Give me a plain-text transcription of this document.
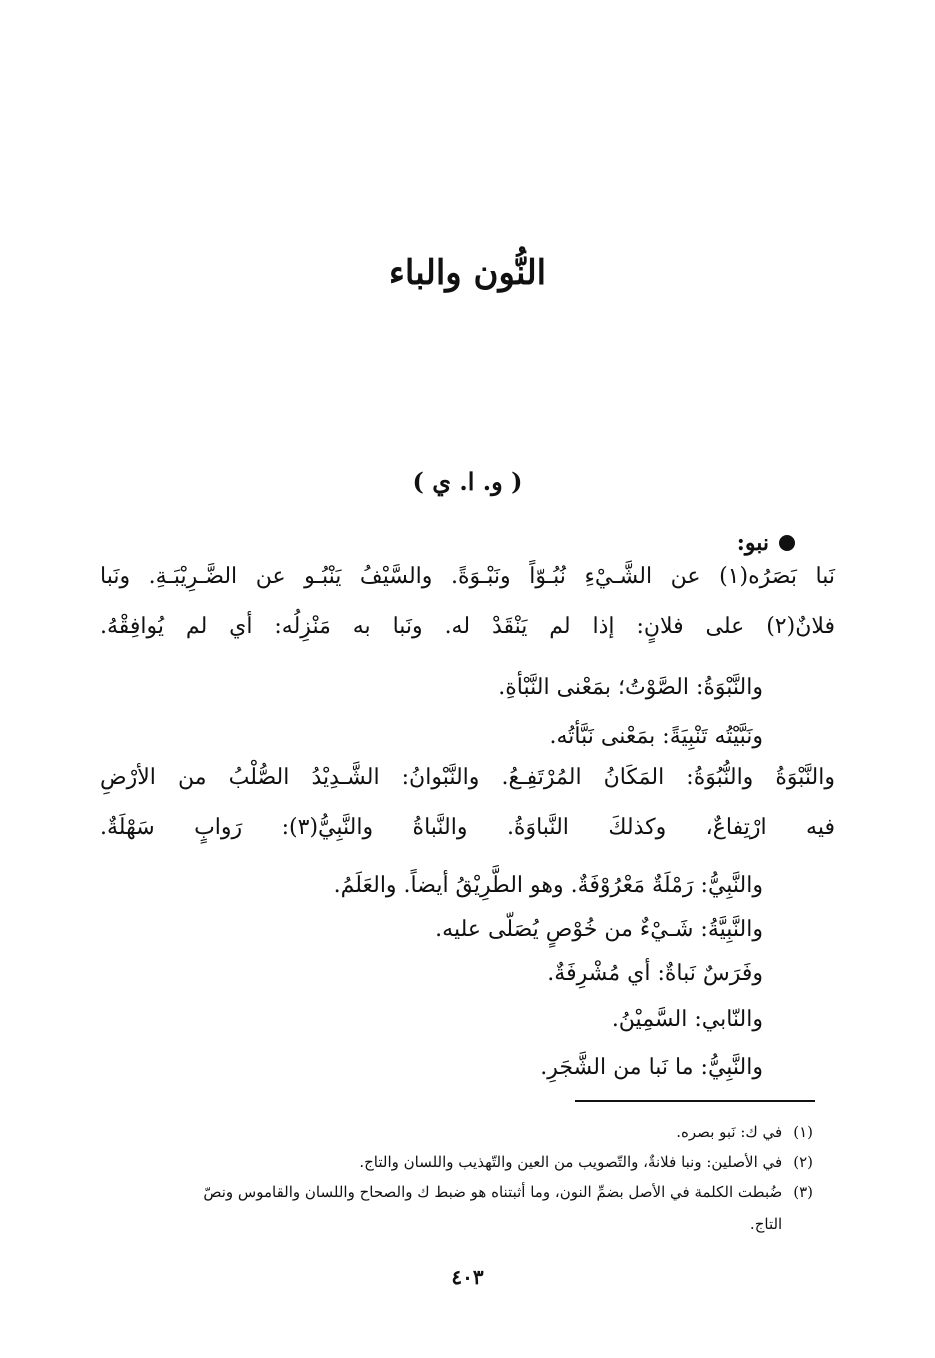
النُّون والباء
( و. ا. ي )
نبو:
نَبا بَصَرُه(١) عن الشَّـيْءِ نُبُـوّاً ونَبْـوَةً. والسَّيْفُ يَنْبُـو عن الضَّـرِيْبَـةِ. ونَبا
فلانٌ(٢) على فلانٍ: إذا لم يَنْقَدْ له. ونَبا به مَنْزِلُه: أي لم يُوافِقْهُ.
والنَّبْوَةُ: الصَّوْتُ؛ بمَعْنى النَّبْأةِ.
ونَبَّيْتُه تَنْبِيَةً: بمَعْنى نَبَّأتُه.
والنَّبْوَةُ والنُّبُوَةُ: المَكَانُ المُرْتَفِـعُ. والنَّبْوانُ: الشَّـدِيْدُ الصُّلْبُ من الأرْضِ
فيه ارْتِفاعٌ، وكذلكَ النَّباوَةُ. والنَّباةُ والنَّبِيُّ(٣): رَوابٍ سَهْلَةٌ.
والنَّبِيُّ: رَمْلَةٌ مَعْرُوْفَةٌ. وهو الطَّرِيْقُ أيضاً. والعَلَمُ.
والنَّبِيَّةُ: شَـيْءٌ من خُوْصٍ يُصَلّى عليه.
وفَرَسٌ نَباةٌ: أي مُشْرِفَةٌ.
والنّابي: السَّمِيْنُ.
والنَّبِيُّ: ما نَبا من الشَّجَرِ.
(١) في ك: نَبو بصره.
(٢) في الأصلين: ونبا فلانةٌ، والتّصويب من العين والتّهذيب واللسان والتاج.
(٣) ضُبطت الكلمة في الأصل بضمِّ النون، وما أثبتناه هو ضبط ك والصحاح واللسان والقاموس ونصّ
التاج.
٤٠٣
